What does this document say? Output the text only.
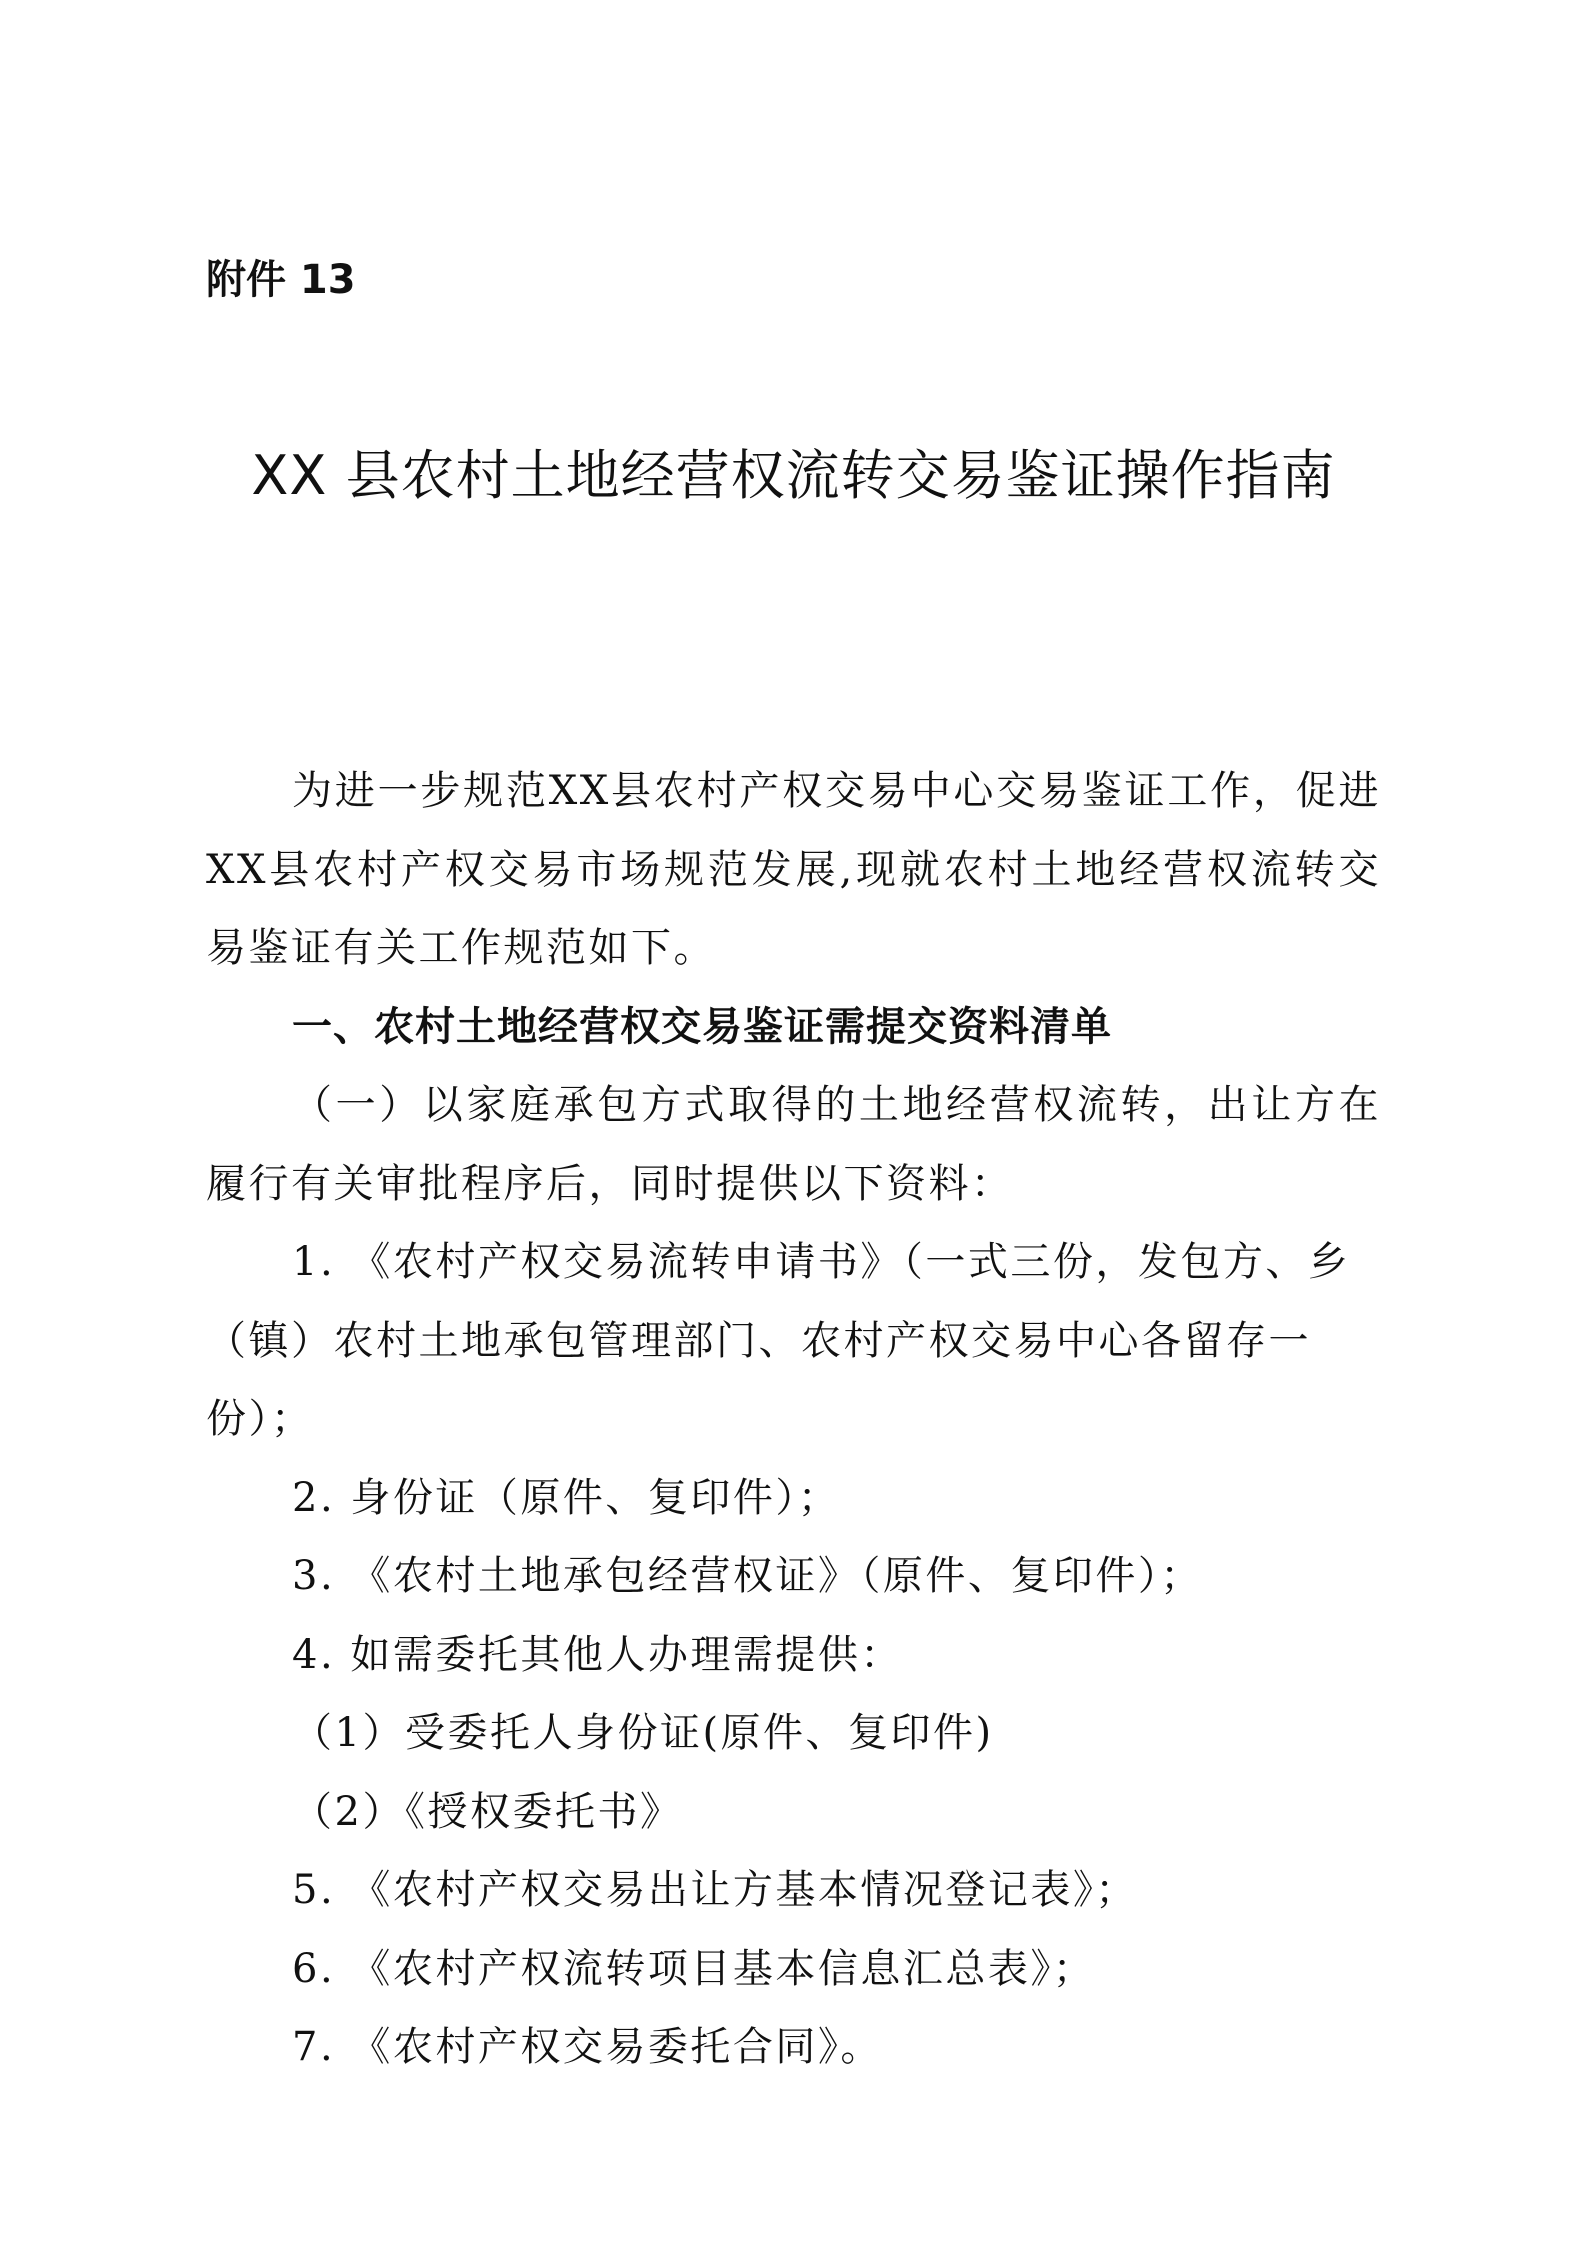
附件 13

XX 县农村土地经营权流转交易鉴证操作指南

为进一步规范XX县农村产权交易中心交易鉴证工作，促进XX县农村产权交易市场规范发展,现就农村土地经营权流转交易鉴证有关工作规范如下。

一、农村土地经营权交易鉴证需提交资料清单

（一）以家庭承包方式取得的土地经营权流转，出让方在履行有关审批程序后，同时提供以下资料：

1. 《农村产权交易流转申请书》（一式三份，发包方、乡（镇）农村土地承包管理部门、农村产权交易中心各留存一份）；

2. 身份证（原件、复印件）；

3. 《农村土地承包经营权证》（原件、复印件）；

4. 如需委托其他人办理需提供：

（1）受委托人身份证(原件、复印件)

（2）《授权委托书》

5. 《农村产权交易出让方基本情况登记表》；

6. 《农村产权流转项目基本信息汇总表》；

7. 《农村产权交易委托合同》。
